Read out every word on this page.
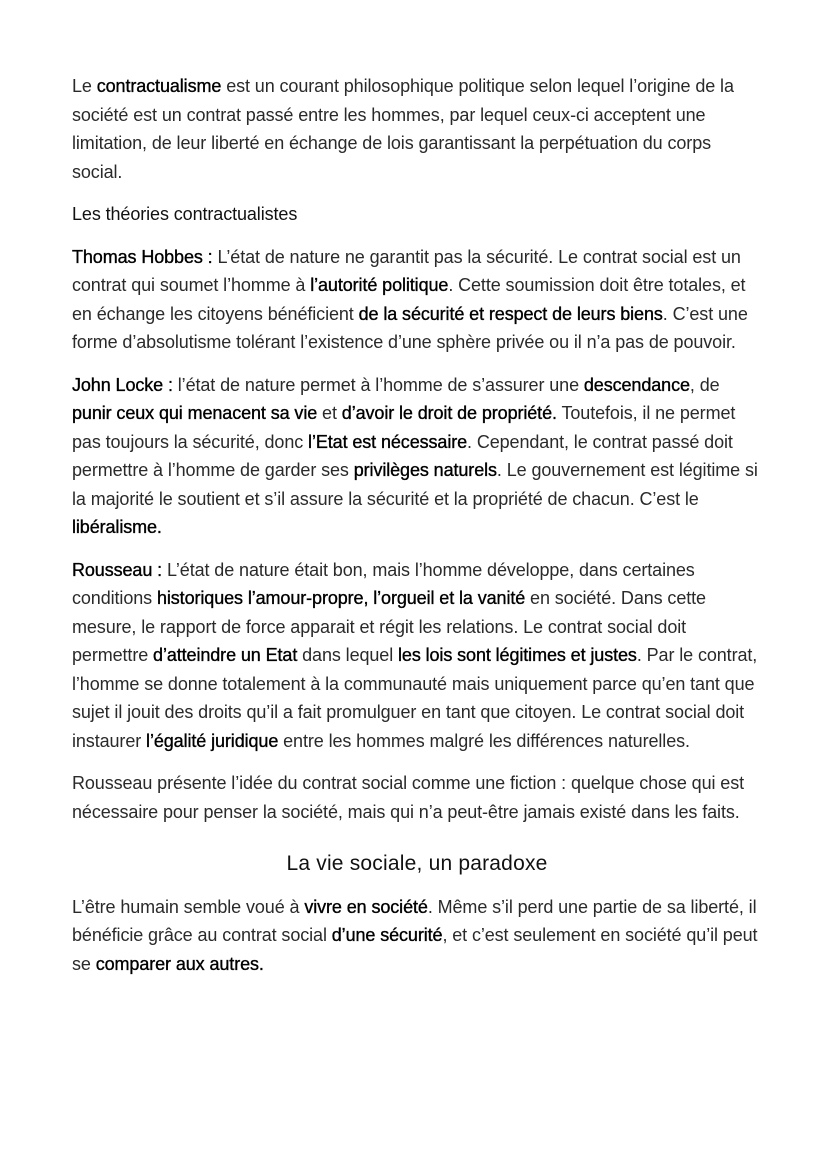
Le contractualisme est un courant philosophique politique selon lequel l’origine de la société est un contrat passé entre les hommes, par lequel ceux-ci acceptent une limitation, de leur liberté en échange de lois garantissant la perpétuation du corps social.

Les théories contractualistes

Thomas Hobbes : L’état de nature ne garantit pas la sécurité. Le contrat social est un contrat qui soumet l’homme à l’autorité politique. Cette soumission doit être totales, et en échange les citoyens bénéficient de la sécurité et respect de leurs biens. C’est une forme d’absolutisme tolérant l’existence d’une sphère privée ou il n’a pas de pouvoir.

John Locke : l’état de nature permet à l’homme de s’assurer une descendance, de punir ceux qui menacent sa vie et d’avoir le droit de propriété. Toutefois, il ne permet pas toujours la sécurité, donc l’Etat est nécessaire. Cependant, le contrat passé doit permettre à l’homme de garder ses privilèges naturels. Le gouvernement est légitime si la majorité le soutient et s’il assure la sécurité et la propriété de chacun. C’est le libéralisme.

Rousseau : L’état de nature était bon, mais l’homme développe, dans certaines conditions historiques l’amour-propre, l’orgueil et la vanité en société. Dans cette mesure, le rapport de force apparait et régit les relations. Le contrat social doit permettre d’atteindre un Etat dans lequel les lois sont légitimes et justes. Par le contrat, l’homme se donne totalement à la communauté mais uniquement parce qu’en tant que sujet il jouit des droits qu’il a fait promulguer en tant que citoyen. Le contrat social doit instaurer l’égalité juridique entre les hommes malgré les différences naturelles.

Rousseau présente l’idée du contrat social comme une fiction : quelque chose qui est nécessaire pour penser la société, mais qui n’a peut-être jamais existé dans les faits.

La vie sociale, un paradoxe

L’être humain semble voué à vivre en société. Même s’il perd une partie de sa liberté, il bénéficie grâce au contrat social d’une sécurité, et c’est seulement en société qu’il peut se comparer aux autres.
